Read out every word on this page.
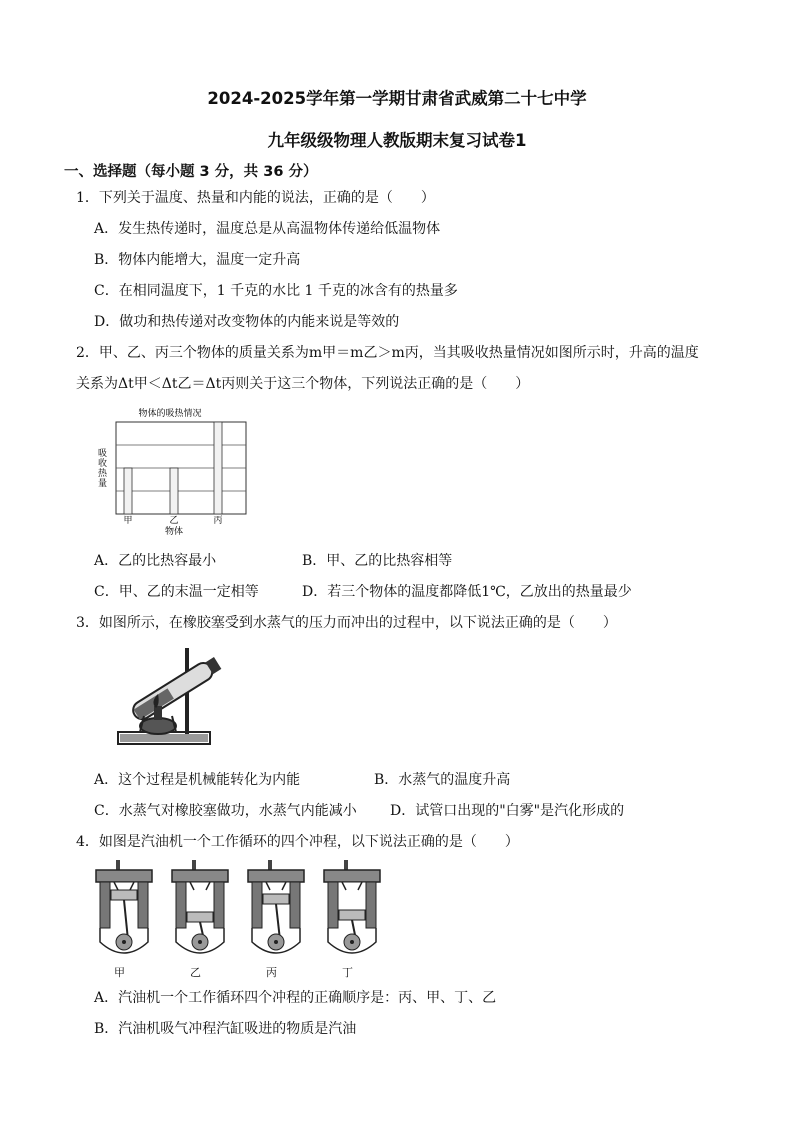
2024-2025学年第一学期甘肃省武威第二十七中学
九年级级物理人教版期末复习试卷1
一、选择题（每小题 3 分，共 36 分）
1．下列关于温度、热量和内能的说法，正确的是（　　）
A．发生热传递时，温度总是从高温物体传递给低温物体
B．物体内能增大，温度一定升高
C．在相同温度下，1 千克的水比 1 千克的冰含有的热量多
D．做功和热传递对改变物体的内能来说是等效的
2．甲、乙、丙三个物体的质量关系为m甲＝m乙＞m丙，当其吸收热量情况如图所示时，升高的温度
关系为Δt甲＜Δt乙＝Δt丙则关于这三个物体，下列说法正确的是（　　）
物体的吸热情况
甲	乙	丙
物体
吸收热量
A．乙的比热容最小	B．甲、乙的比热容相等
C．甲、乙的末温一定相等	D．若三个物体的温度都降低1℃，乙放出的热量最少
3．如图所示，在橡胶塞受到水蒸气的压力而冲出的过程中，以下说法正确的是（　　）
A．这个过程是机械能转化为内能	B．水蒸气的温度升高
C．水蒸气对橡胶塞做功，水蒸气内能减小 D．试管口出现的"白雾"是汽化形成的
4．如图是汽油机一个工作循环的四个冲程，以下说法正确的是（　　）
甲	乙	丙	丁
A．汽油机一个工作循环四个冲程的正确顺序是：丙、甲、丁、乙
B．汽油机吸气冲程汽缸吸进的物质是汽油
